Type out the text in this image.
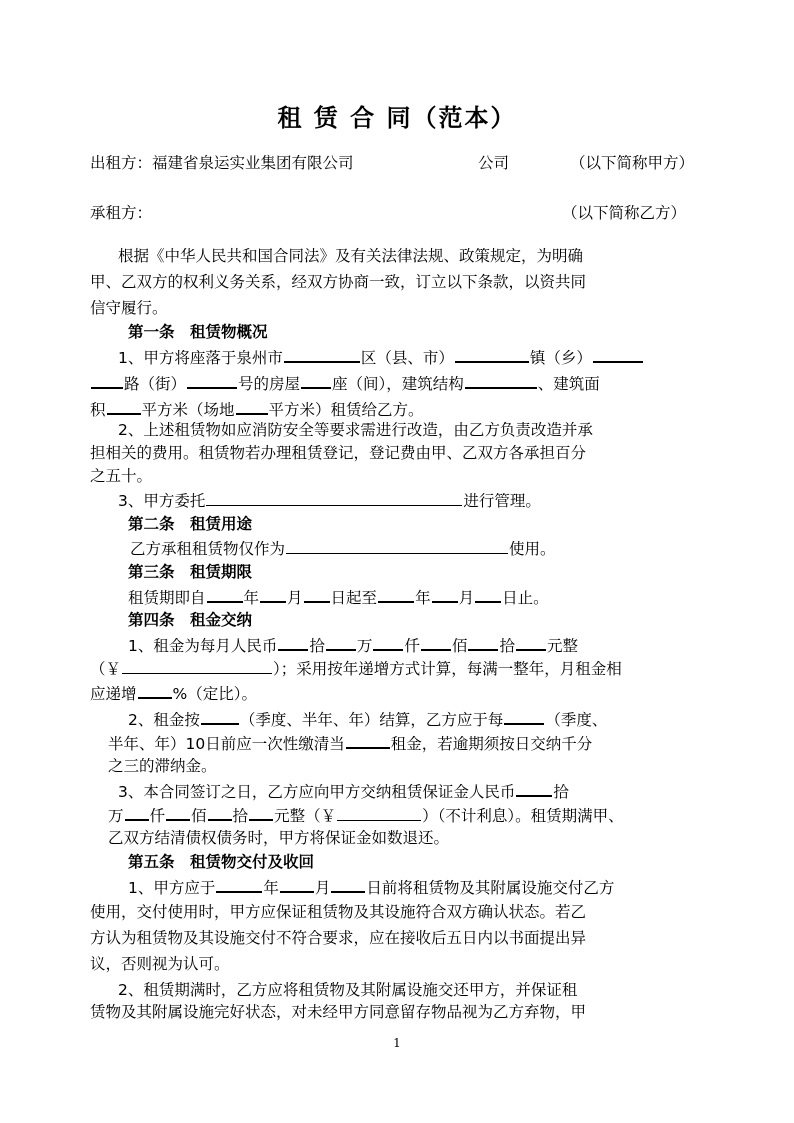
租 赁 合 同（范本）
出租方：福建省泉运实业集团有限公司	公司	（以下简称甲方）
承租方：	（以下简称乙方）
根据《中华人民共和国合同法》及有关法律法规、政策规定，为明确
甲、乙双方的权利义务关系，经双方协商一致，订立以下条款，以资共同
信守履行。
第一条　租赁物概况
1、甲方将座落于泉州市	区（县、市）	镇（乡）
路（街）	号的房屋 座（间），建筑结构	、建筑面
积 平方米（场地 平方米）租赁给乙方。
2、上述租赁物如应消防安全等要求需进行改造，由乙方负责改造并承
担相关的费用。租赁物若办理租赁登记，登记费由甲、乙双方各承担百分
之五十。
3、甲方委托	进行管理。
第二条　租赁用途
乙方承租租赁物仅作为	使用。
第三条　租赁期限
租赁期即自 年 月 日起至 年 月 日止。
第四条　租金交纳
1、租金为每月人民币 拾 万 仟 佰 拾 元整
（￥	）；采用按年递增方式计算，每满一整年，月租金相
应递增 %（定比）。
2、租金按	（季度、半年、年）结算，乙方应于每	（季度、
半年、年）10日前应一次性缴清当	租金，若逾期须按日交纳千分
之三的滞纳金。
3、本合同签订之日，乙方应向甲方交纳租赁保证金人民币 拾
万 仟 佰 拾 元整（￥	）（不计利息）。租赁期满甲、
乙双方结清债权债务时，甲方将保证金如数退还。
第五条　租赁物交付及收回
1、甲方应于	年 月 日前将租赁物及其附属设施交付乙方
使用，交付使用时，甲方应保证租赁物及其设施符合双方确认状态。若乙
方认为租赁物及其设施交付不符合要求，应在接收后五日内以书面提出异
议，否则视为认可。
2、租赁期满时，乙方应将租赁物及其附属设施交还甲方，并保证租
赁物及其附属设施完好状态，对未经甲方同意留存物品视为乙方弃物，甲
1
